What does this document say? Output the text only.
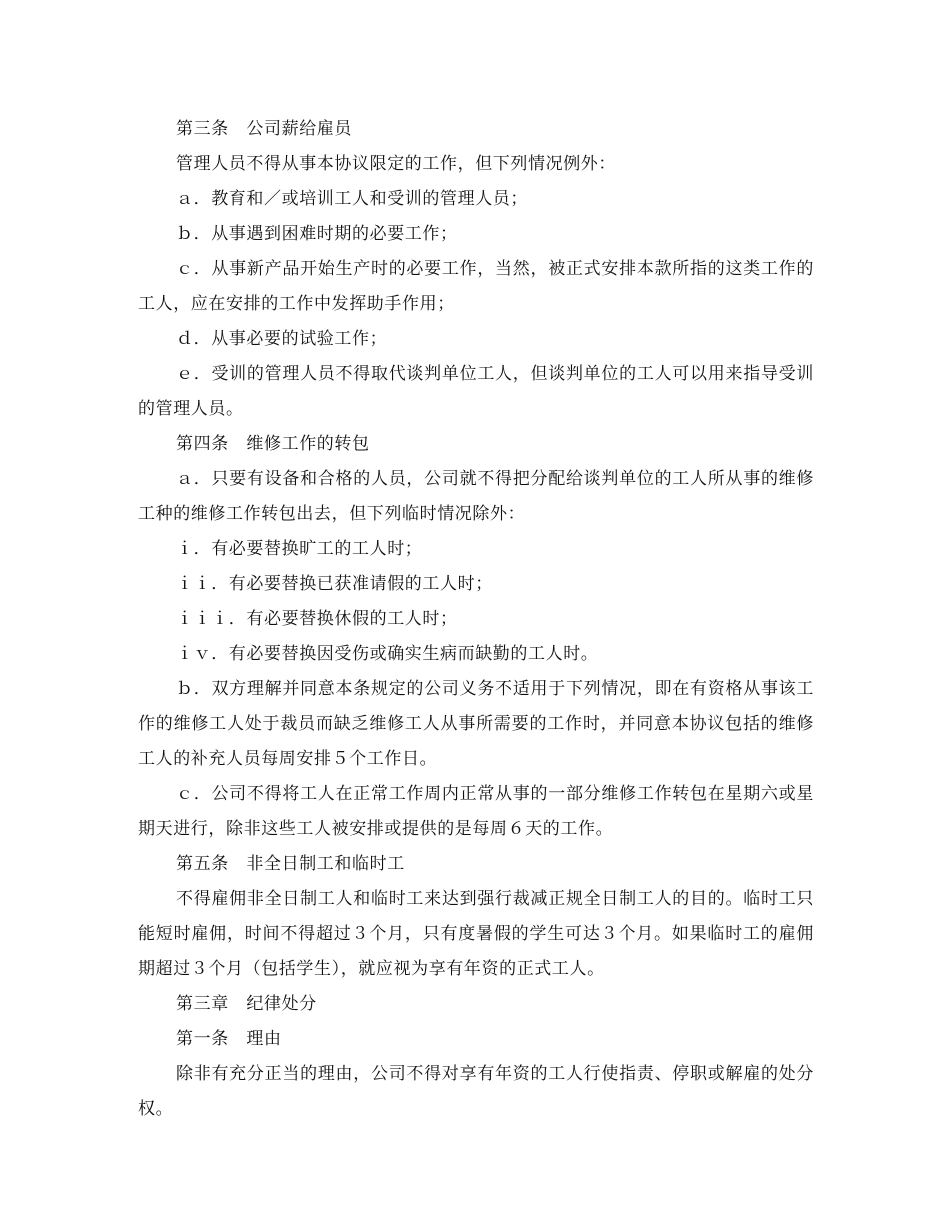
第三条　公司薪给雇员

管理人员不得从事本协议限定的工作，但下列情况例外：

ａ．教育和／或培训工人和受训的管理人员；

ｂ．从事遇到困难时期的必要工作；

ｃ．从事新产品开始生产时的必要工作，当然，被正式安排本款所指的这类工作的工人，应在安排的工作中发挥助手作用；

ｄ．从事必要的试验工作；

ｅ．受训的管理人员不得取代谈判单位工人，但谈判单位的工人可以用来指导受训的管理人员。

第四条　维修工作的转包

ａ．只要有设备和合格的人员，公司就不得把分配给谈判单位的工人所从事的维修工种的维修工作转包出去，但下列临时情况除外：

ｉ．有必要替换旷工的工人时；

ｉｉ．有必要替换已获准请假的工人时；

ｉｉｉ．有必要替换休假的工人时；

ｉｖ．有必要替换因受伤或确实生病而缺勤的工人时。

ｂ．双方理解并同意本条规定的公司义务不适用于下列情况，即在有资格从事该工作的维修工人处于裁员而缺乏维修工人从事所需要的工作时，并同意本协议包括的维修工人的补充人员每周安排５个工作日。

ｃ．公司不得将工人在正常工作周内正常从事的一部分维修工作转包在星期六或星期天进行，除非这些工人被安排或提供的是每周６天的工作。

第五条　非全日制工和临时工

不得雇佣非全日制工人和临时工来达到强行裁减正规全日制工人的目的。临时工只能短时雇佣，时间不得超过３个月，只有度暑假的学生可达３个月。如果临时工的雇佣期超过３个月（包括学生），就应视为享有年资的正式工人。

第三章　纪律处分

第一条　理由

除非有充分正当的理由，公司不得对享有年资的工人行使指责、停职或解雇的处分权。
